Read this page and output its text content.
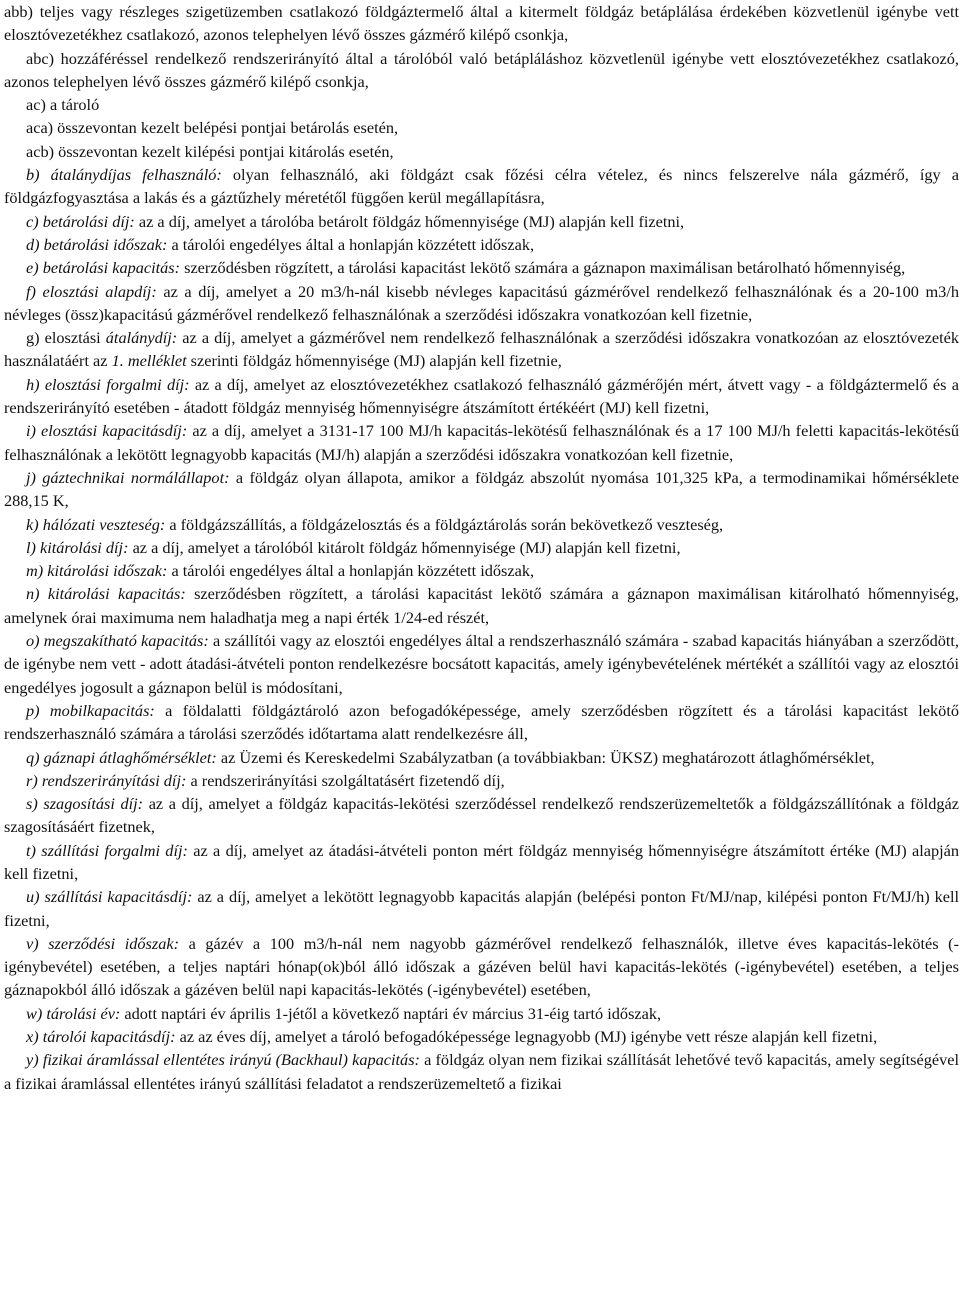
abb) teljes vagy részleges szigetüzemben csatlakozó földgáztermelő által a kitermelt földgáz betáplálása érdekében közvetlenül igénybe vett elosztóvezetékhez csatlakozó, azonos telephelyen lévő összes gázmérő kilépő csonkja,

abc) hozzáféréssel rendelkező rendszerirányító által a tárolóból való betápláláshoz közvetlenül igénybe vett elosztóvezetékhez csatlakozó, azonos telephelyen lévő összes gázmérő kilépő csonkja,

ac) a tároló

aca) összevontan kezelt belépési pontjai betárolás esetén,

acb) összevontan kezelt kilépési pontjai kitárolás esetén,

b) átalánydíjas felhasználó: olyan felhasználó, aki földgázt csak főzési célra vételez, és nincs felszerelve nála gázmérő, így a földgázfogyasztása a lakás és a gáztűzhely méretétől függően kerül megállapításra,

c) betárolási díj: az a díj, amelyet a tárolóba betárolt földgáz hőmennyisége (MJ) alapján kell fizetni,

d) betárolási időszak: a tárolói engedélyes által a honlapján közzétett időszak,

e) betárolási kapacitás: szerződésben rögzített, a tárolási kapacitást lekötő számára a gáznapon maximálisan betárolható hőmennyiség,

f) elosztási alapdíj: az a díj, amelyet a 20 m3/h-nál kisebb névleges kapacitású gázmérővel rendelkező felhasználónak és a 20-100 m3/h névleges (össz)kapacitású gázmérővel rendelkező felhasználónak a szerződési időszakra vonatkozóan kell fizetnie,

g) elosztási átalánydíj: az a díj, amelyet a gázmérővel nem rendelkező felhasználónak a szerződési időszakra vonatkozóan az elosztóvezeték használatáért az 1. melléklet szerinti földgáz hőmennyisége (MJ) alapján kell fizetnie,

h) elosztási forgalmi díj: az a díj, amelyet az elosztóvezetékhez csatlakozó felhasználó gázmérőjén mért, átvett vagy - a földgáztermelő és a rendszerirányító esetében - átadott földgáz mennyiség hőmennyiségre átszámított értékéért (MJ) kell fizetni,

i) elosztási kapacitásdíj: az a díj, amelyet a 3131-17 100 MJ/h kapacitás-lekötésű felhasználónak és a 17 100 MJ/h feletti kapacitás-lekötésű felhasználónak a lekötött legnagyobb kapacitás (MJ/h) alapján a szerződési időszakra vonatkozóan kell fizetnie,

j) gáztechnikai normálállapot: a földgáz olyan állapota, amikor a földgáz abszolút nyomása 101,325 kPa, a termodinamikai hőmérséklete 288,15 K,

k) hálózati veszteség: a földgázszállítás, a földgázelosztás és a földgáztárolás során bekövetkező veszteség,

l) kitárolási díj: az a díj, amelyet a tárolóból kitárolt földgáz hőmennyisége (MJ) alapján kell fizetni,

m) kitárolási időszak: a tárolói engedélyes által a honlapján közzétett időszak,

n) kitárolási kapacitás: szerződésben rögzített, a tárolási kapacitást lekötő számára a gáznapon maximálisan kitárolható hőmennyiség, amelynek órai maximuma nem haladhatja meg a napi érték 1/24-ed részét,

o) megszakítható kapacitás: a szállítói vagy az elosztói engedélyes által a rendszerhasználó számára - szabad kapacitás hiányában a szerződött, de igénybe nem vett - adott átadási-átvételi ponton rendelkezésre bocsátott kapacitás, amely igénybevételének mértékét a szállítói vagy az elosztói engedélyes jogosult a gáznapon belül is módosítani,

p) mobilkapacitás: a földalatti földgáztároló azon befogadóképessége, amely szerződésben rögzített és a tárolási kapacitást lekötő rendszerhasználó számára a tárolási szerződés időtartama alatt rendelkezésre áll,

q) gáznapi átlaghőmérséklet: az Üzemi és Kereskedelmi Szabályzatban (a továbbiakban: ÜKSZ) meghatározott átlaghőmérséklet,

r) rendszerirányítási díj: a rendszerirányítási szolgáltatásért fizetendő díj,

s) szagosítási díj: az a díj, amelyet a földgáz kapacitás-lekötési szerződéssel rendelkező rendszerüzemeltetők a földgázszállítónak a földgáz szagosításáért fizetnek,

t) szállítási forgalmi díj: az a díj, amelyet az átadási-átvételi ponton mért földgáz mennyiség hőmennyiségre átszámított értéke (MJ) alapján kell fizetni,

u) szállítási kapacitásdíj: az a díj, amelyet a lekötött legnagyobb kapacitás alapján (belépési ponton Ft/MJ/nap, kilépési ponton Ft/MJ/h) kell fizetni,

v) szerződési időszak: a gázév a 100 m3/h-nál nem nagyobb gázmérővel rendelkező felhasználók, illetve éves kapacitás-lekötés (-igénybevétel) esetében, a teljes naptári hónap(ok)ból álló időszak a gázéven belül havi kapacitás-lekötés (-igénybevétel) esetében, a teljes gáznapokból álló időszak a gázéven belül napi kapacitás-lekötés (-igénybevétel) esetében,

w) tárolási év: adott naptári év április 1-jétől a következő naptári év március 31-éig tartó időszak,

x) tárolói kapacitásdíj: az az éves díj, amelyet a tároló befogadóképessége legnagyobb (MJ) igénybe vett része alapján kell fizetni,

y) fizikai áramlással ellentétes irányú (Backhaul) kapacitás: a földgáz olyan nem fizikai szállítását lehetővé tevő kapacitás, amely segítségével a fizikai áramlással ellentétes irányú szállítási feladatot a rendszerüzemeltető a fizikai
